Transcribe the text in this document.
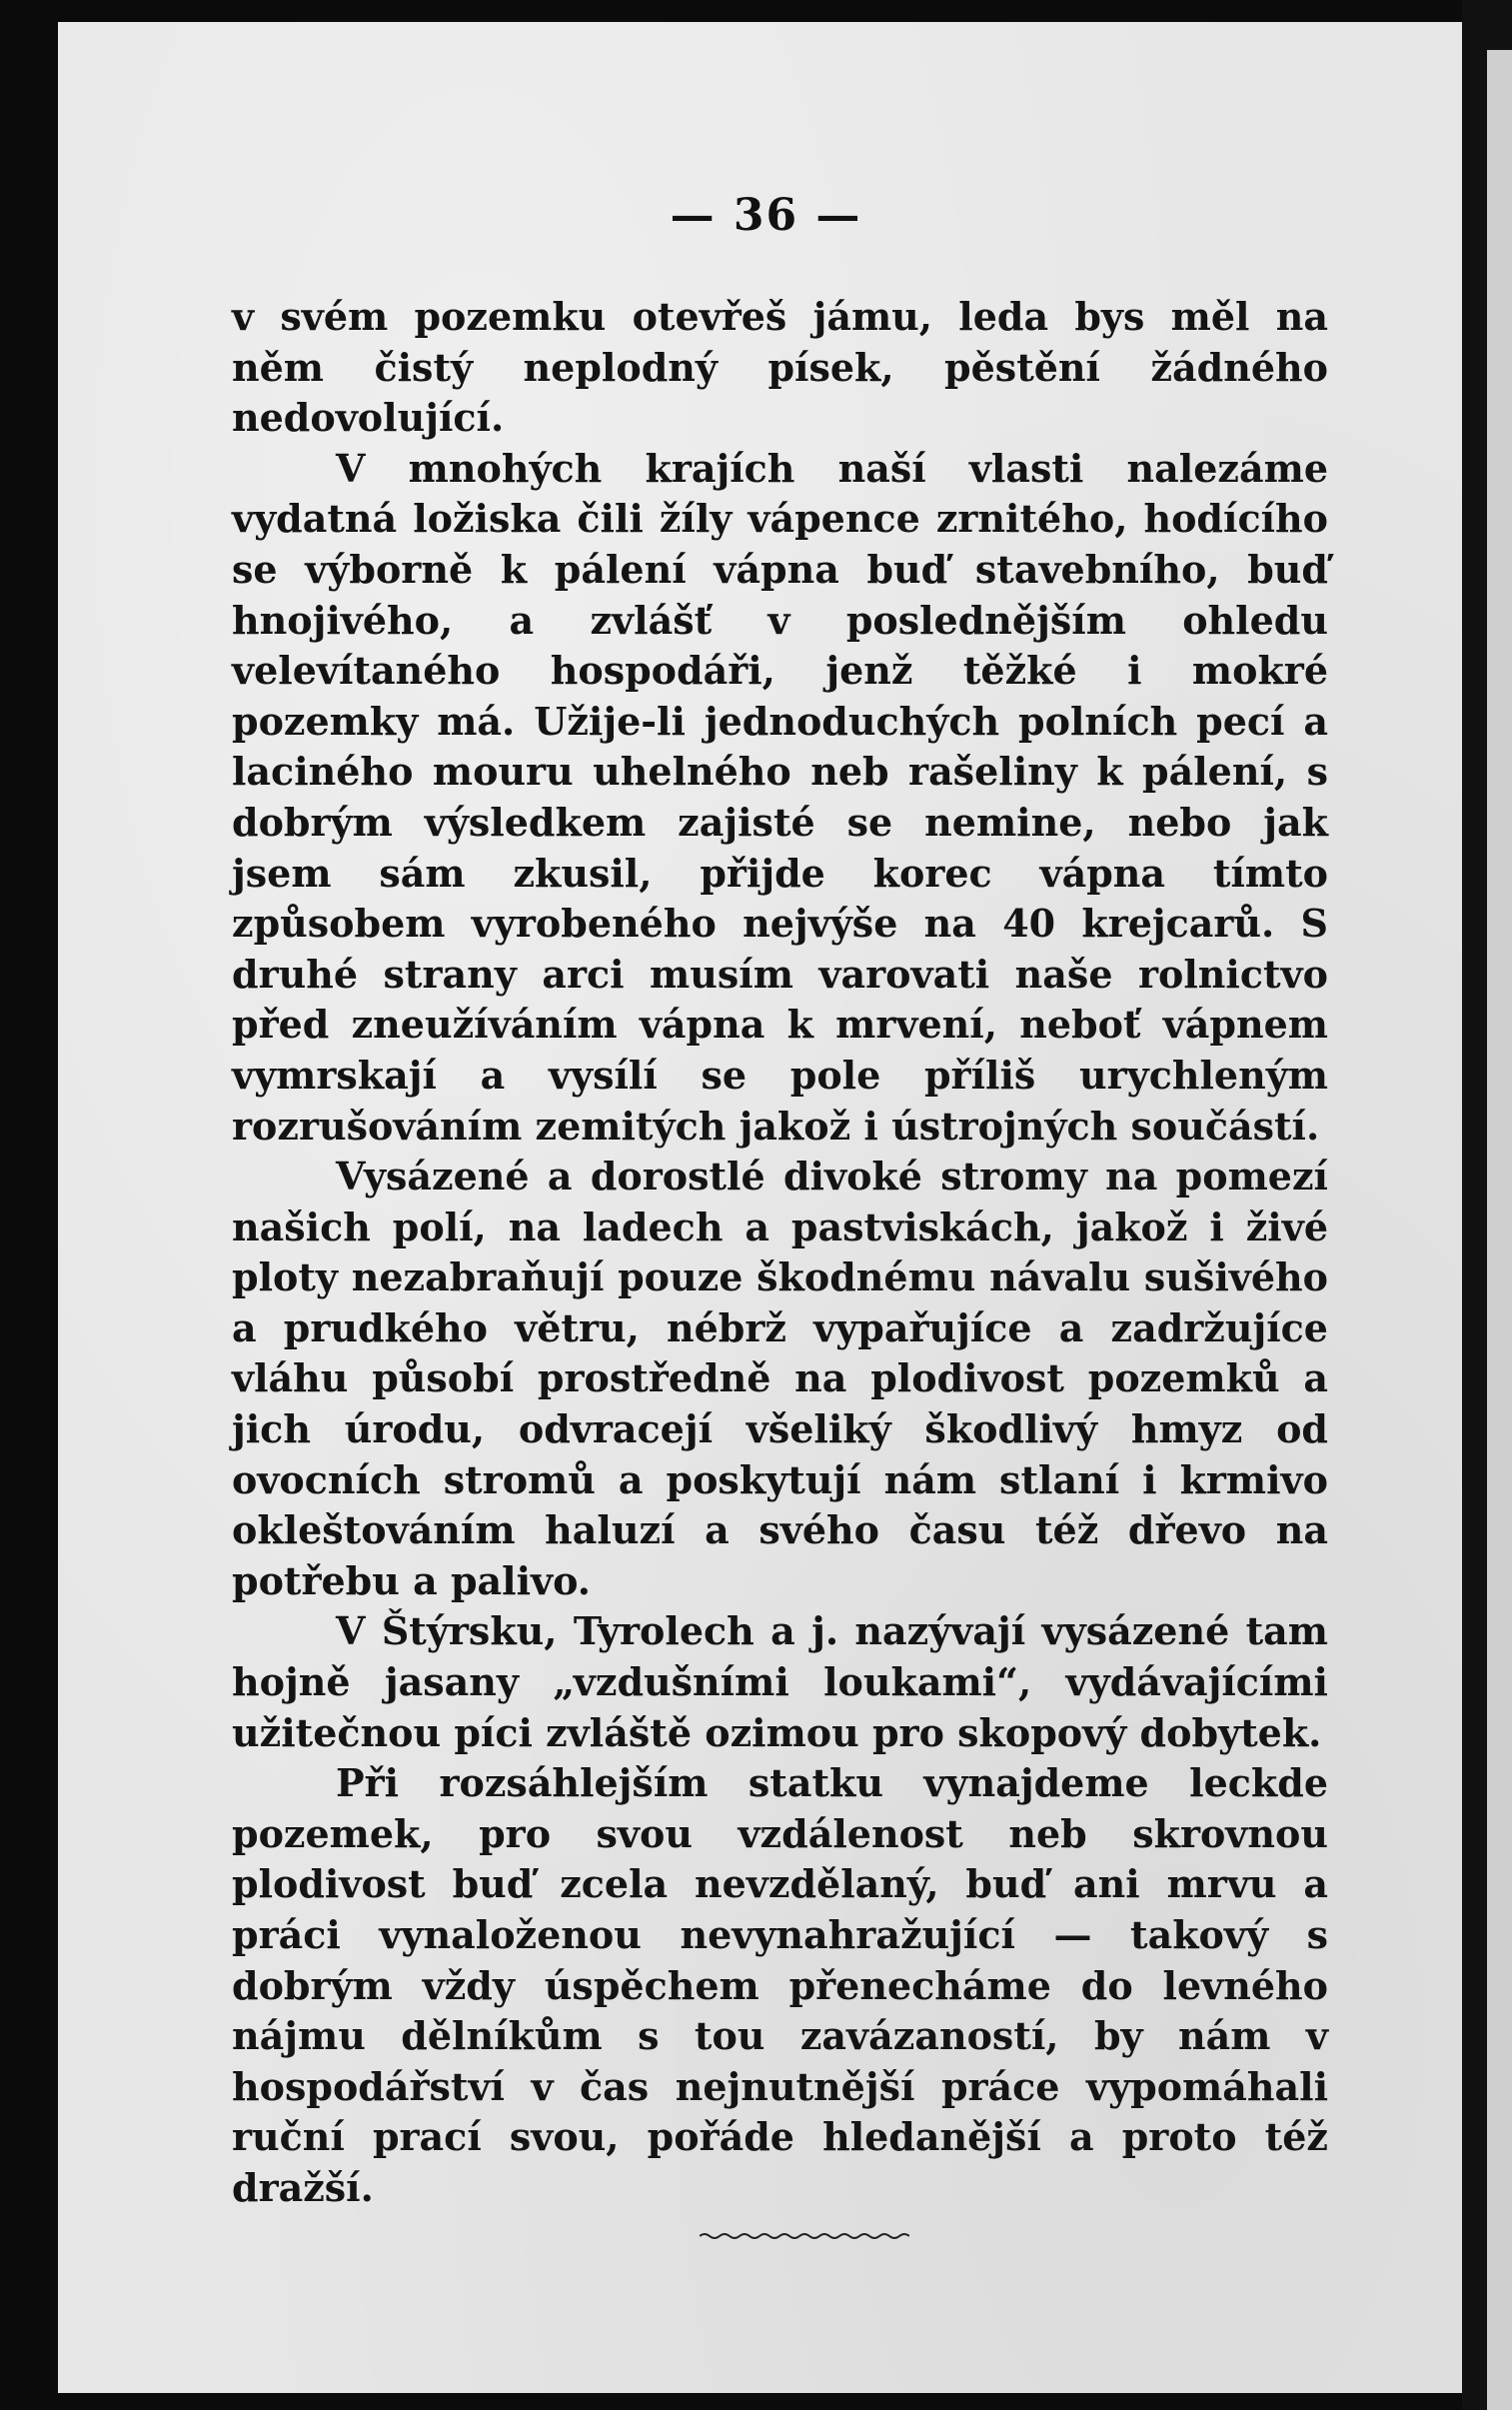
— 36 —

v svém pozemku otevřeš jámu, leda bys měl na něm čistý neplodný písek, pěstění žádného nedovolující.

V mnohých krajích naší vlasti nalezáme vydatná ložiska čili žíly vápence zrnitého, hodícího se výborně k pálení vápna buď stavebního, buď hnojivého, a zvlášť v poslednějším ohledu velevítaného hospodáři, jenž těžké i mokré pozemky má. Užije-li jednoduchých polních pecí a laciného mouru uhelného neb rašeliny k pálení, s dobrým výsledkem zajisté se nemine, nebo jak jsem sám zkusil, přijde korec vápna tímto způsobem vyrobeného nejvýše na 40 krejcarů. S druhé strany arci musím varovati naše rolnictvo před zneužíváním vápna k mrvení, neboť vápnem vymrskají a vysílí se pole příliš urychleným rozrušováním zemitých jakož i ústrojných součástí.

Vysázené a dorostlé divoké stromy na pomezí našich polí, na ladech a pastviskách, jakož i živé ploty nezabraňují pouze škodnému návalu sušivého a prudkého větru, nébrž vypařujíce a zadržujíce vláhu působí prostředně na plodivost pozemků a jich úrodu, odvracejí všeliký škodlivý hmyz od ovocních stromů a poskytují nám stlaní i krmivo okleštováním haluzí a svého času též dřevo na potřebu a palivo.

V Štýrsku, Tyrolech a j. nazývají vysázené tam hojně jasany „vzdušními loukami“, vydávajícími užitečnou píci zvláště ozimou pro skopový dobytek.

Při rozsáhlejším statku vynajdeme leckde pozemek, pro svou vzdálenost neb skrovnou plodivost buď zcela nevzdělaný, buď ani mrvu a práci vynaloženou nevynahražující — takový s dobrým vždy úspěchem přenecháme do levného nájmu dělníkům s tou zavázaností, by nám v hospodářství v čas nejnutnější práce vypomáhali ruční prací svou, pořáde hledanější a proto též dražší.
